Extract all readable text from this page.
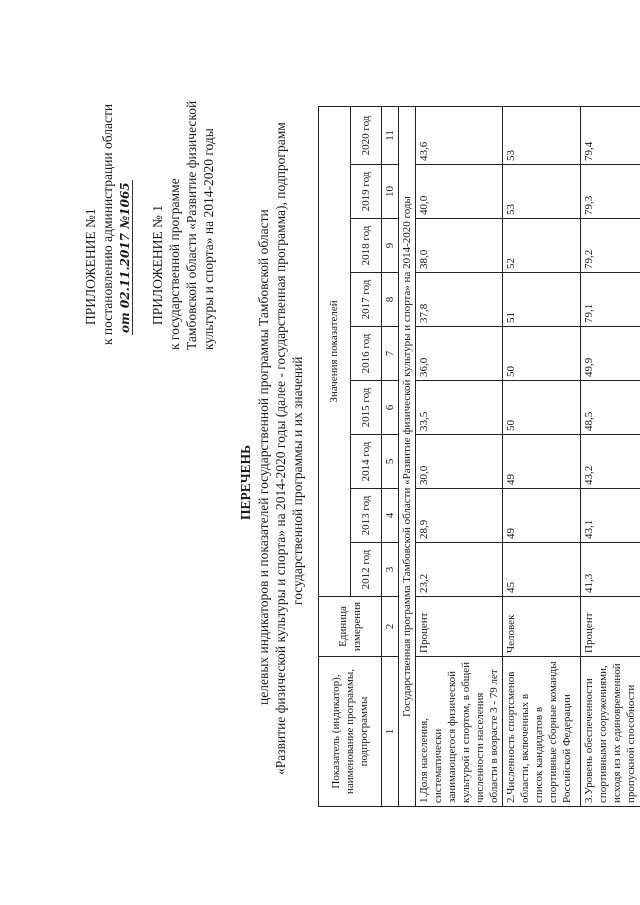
ПРИЛОЖЕНИЕ №1 к постановлению администрации области от 02.11.2017 №1065 ПРИЛОЖЕНИЕ № 1 к государственной программе Тамбовской области «Развитие физической культуры и спорта» на 2014-2020 годы
ПЕРЕЧЕНЬ целевых индикаторов и показателей государственной программы Тамбовской области «Развитие физической культуры и спорта» на 2014-2020 годы (далее - государственная программа), подпрограмм государственной программы и их значений
Показатель (индикатор), наименование программы, подпрограммы	Единица измерения	Значения показателей								
		2012 год	2013 год	2014 год	2015 год	2016 год	2017 год	2018 год	2019 год	2020 год
1	2	3	4	5	6	7	8	9	10	11
Государственная программа Тамбовской области «Развитие физической культуры и спорта» на 2014-2020 годы										
1.Доля населения, систематически занимающегося физической культурой и спортом, в общей численности населения области в возрасте 3 - 79 лет	Процент	23,2	28,9	30,0	33,5	36,0	37,8	38,0	40,0	43,6
2.Численность спортсменов области, включенных в список кандидатов в спортивные сборные команды Российской Федерации	Человек	45	49	49	50	50	51	52	53	53
3.Уровень обеспеченности спортивными сооружениями, исходя из их единовременной пропускной способности	Процент	41,3	43,1	43,2	48,5	49,9	79,1	79,2	79,3	79,4
